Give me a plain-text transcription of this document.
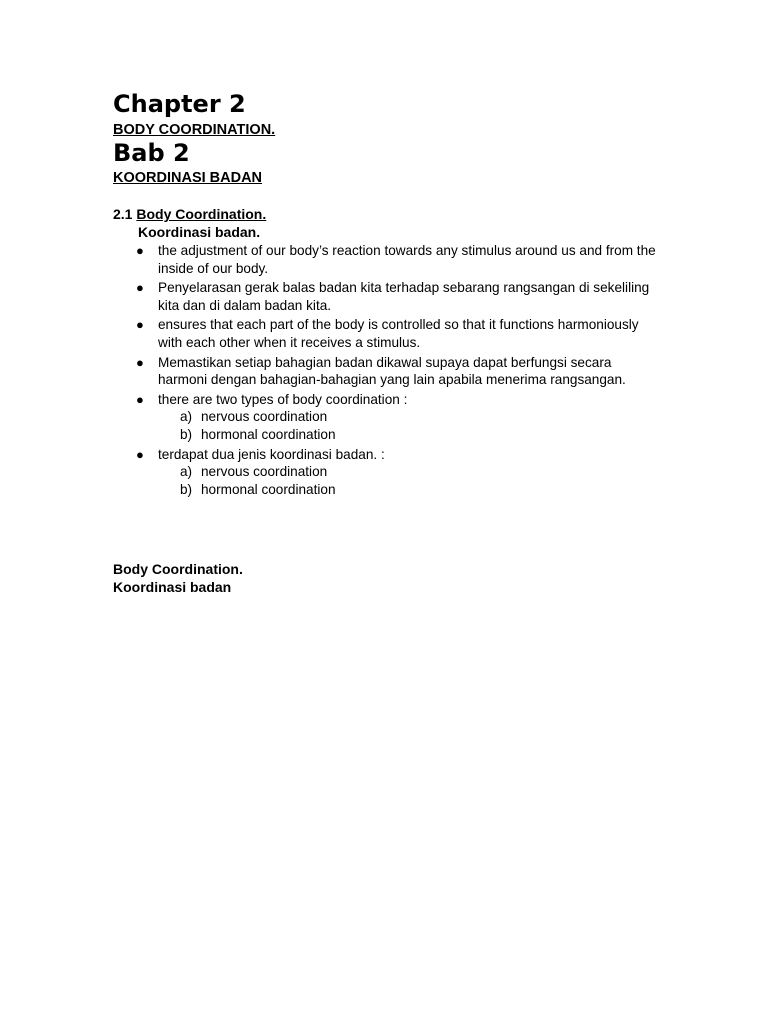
Chapter 2
BODY COORDINATION.
Bab 2
KOORDINASI BADAN
2.1 Body Coordination.
Koordinasi badan.
● the adjustment of our body’s reaction towards any stimulus around us and from the inside of our body.
● Penyelarasan gerak balas badan kita terhadap sebarang rangsangan di sekeliling kita dan di dalam badan kita.
● ensures that each part of the body is controlled so that it functions harmoniously with each other when it receives a stimulus.
● Memastikan setiap bahagian badan dikawal supaya dapat berfungsi secara harmoni dengan bahagian-bahagian yang lain apabila menerima rangsangan.
● there are two types of body coordination :
a) nervous coordination
b) hormonal coordination
● terdapat dua jenis koordinasi badan. :
a) nervous coordination
b) hormonal coordination
Body Coordination.
Koordinasi badan
